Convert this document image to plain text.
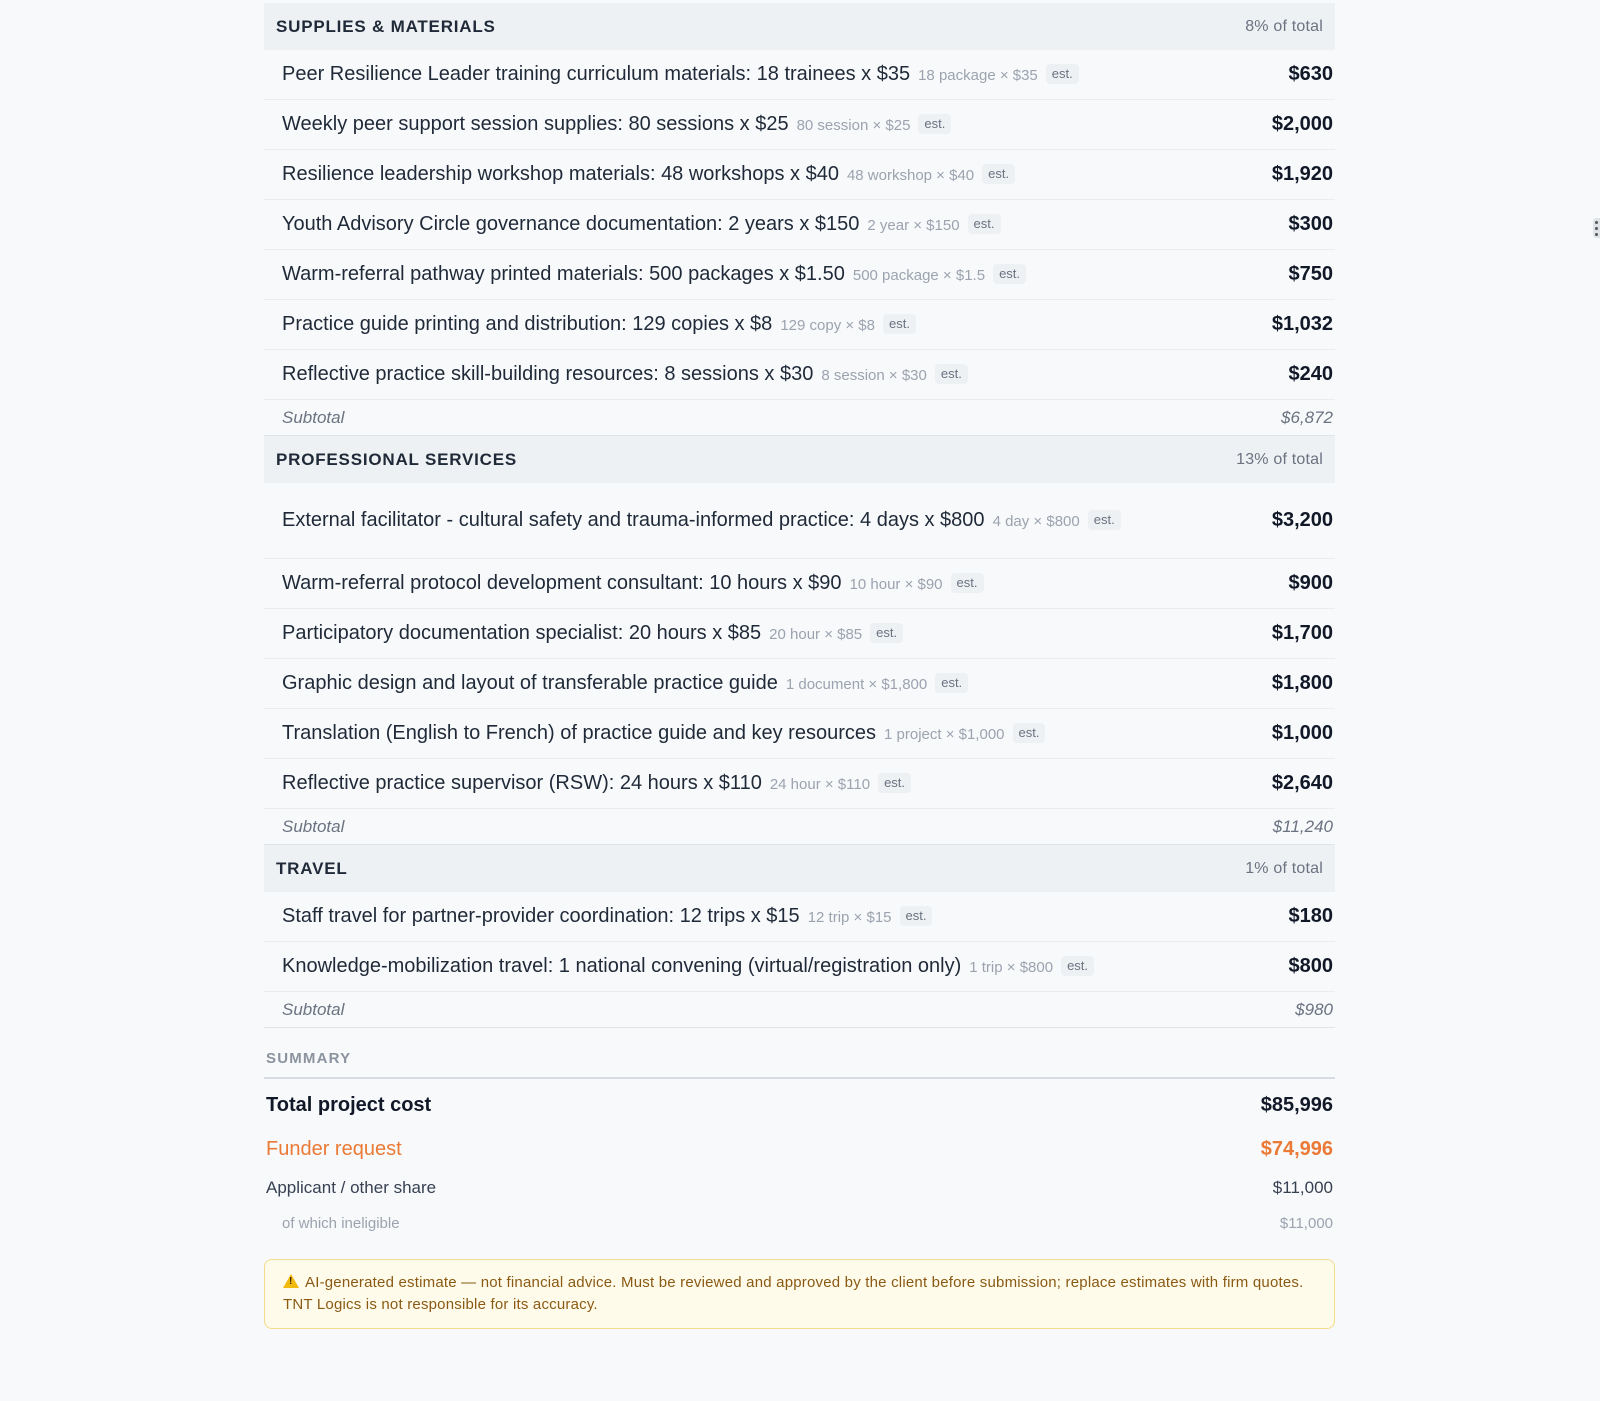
SUPPLIES & MATERIALS	8% of total
Peer Resilience Leader training curriculum materials: 18 trainees x $35 18 package × $35 est.	$630
Weekly peer support session supplies: 80 sessions x $25 80 session × $25 est.	$2,000
Resilience leadership workshop materials: 48 workshops x $40 48 workshop × $40 est.	$1,920
Youth Advisory Circle governance documentation: 2 years x $150 2 year × $150 est.	$300
Warm-referral pathway printed materials: 500 packages x $1.50 500 package × $1.5 est.	$750
Practice guide printing and distribution: 129 copies x $8 129 copy × $8 est.	$1,032
Reflective practice skill-building resources: 8 sessions x $30 8 session × $30 est.	$240
Subtotal	$6,872
PROFESSIONAL SERVICES	13% of total
External facilitator - cultural safety and trauma-informed practice: 4 days x $800 4 day × $800 est.	$3,200
Warm-referral protocol development consultant: 10 hours x $90 10 hour × $90 est.	$900
Participatory documentation specialist: 20 hours x $85 20 hour × $85 est.	$1,700
Graphic design and layout of transferable practice guide 1 document × $1,800 est.	$1,800
Translation (English to French) of practice guide and key resources 1 project × $1,000 est.	$1,000
Reflective practice supervisor (RSW): 24 hours x $110 24 hour × $110 est.	$2,640
Subtotal	$11,240
TRAVEL	1% of total
Staff travel for partner-provider coordination: 12 trips x $15 12 trip × $15 est.	$180
Knowledge-mobilization travel: 1 national convening (virtual/registration only) 1 trip × $800 est.	$800
Subtotal	$980
SUMMARY
Total project cost	$85,996
Funder request	$74,996
Applicant / other share	$11,000
of which ineligible	$11,000
!AI-generated estimate — not financial advice. Must be reviewed and approved by the client before submission; replace estimates with firm quotes. TNT Logics is not responsible for its accuracy.
